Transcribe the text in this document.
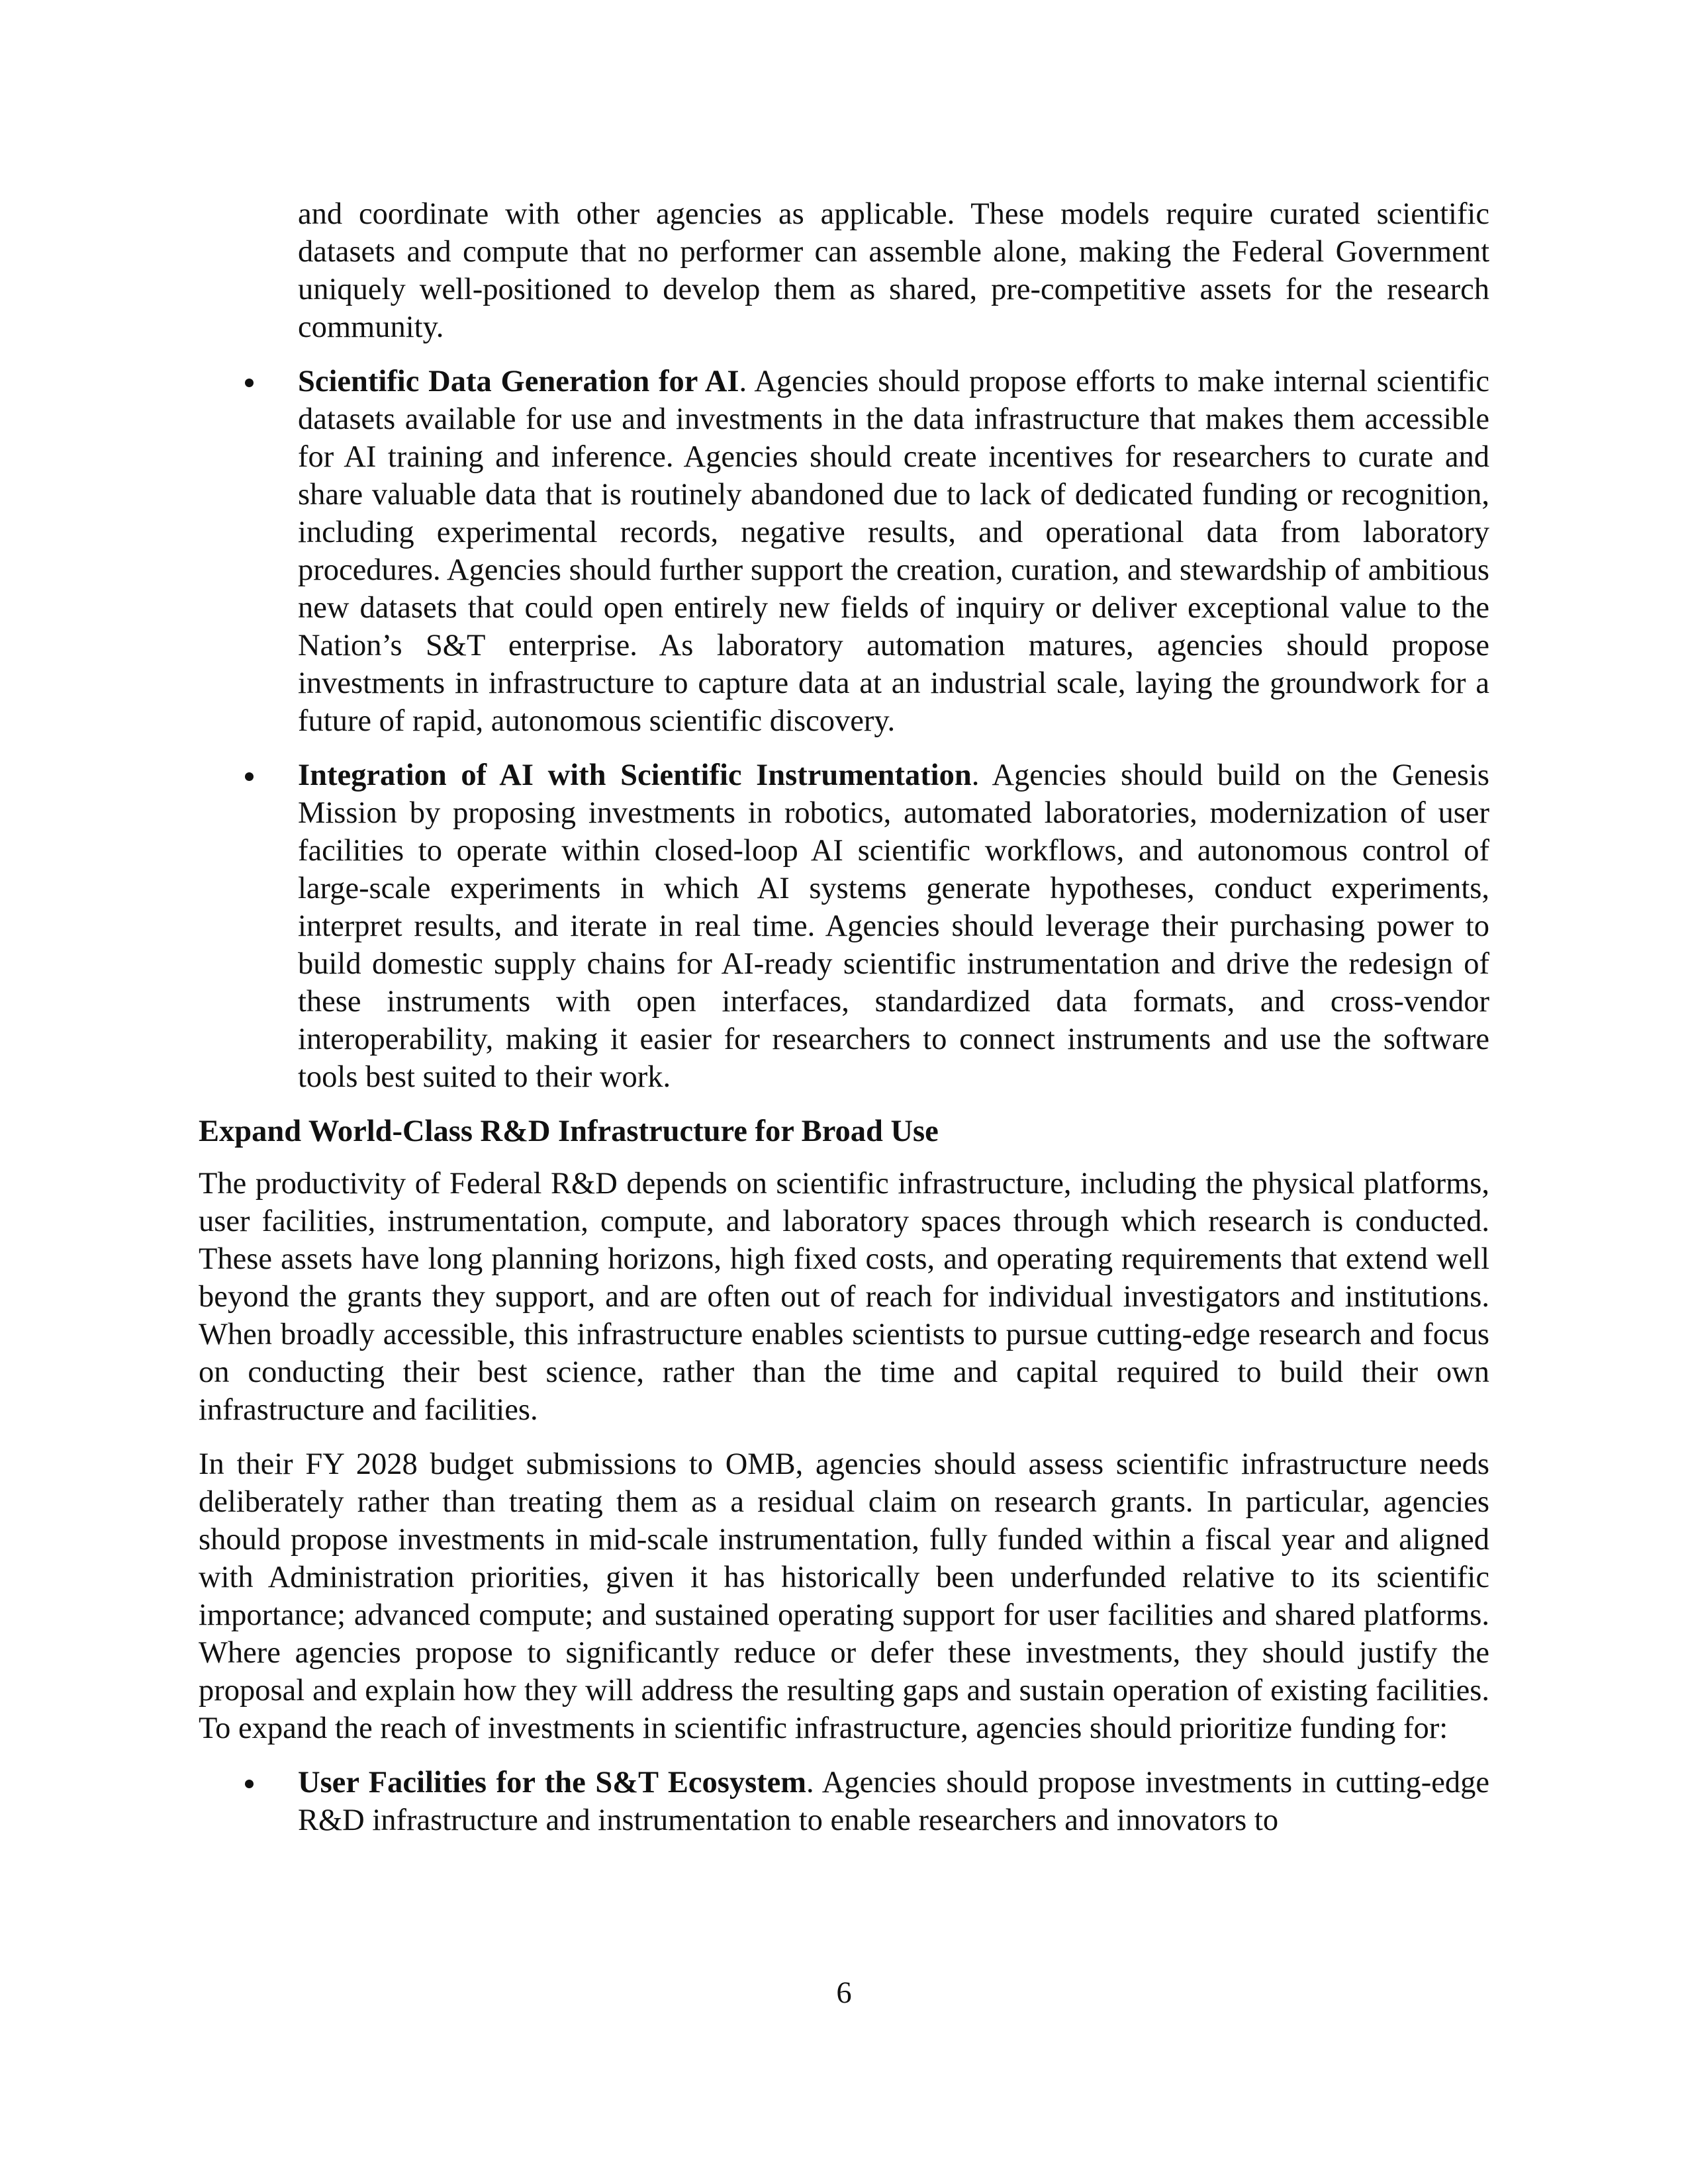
and coordinate with other agencies as applicable. These models require curated scientific datasets and compute that no performer can assemble alone, making the Federal Government uniquely well-positioned to develop them as shared, pre-competitive assets for the research community.

Scientific Data Generation for AI. Agencies should propose efforts to make internal scientific datasets available for use and investments in the data infrastructure that makes them accessible for AI training and inference. Agencies should create incentives for researchers to curate and share valuable data that is routinely abandoned due to lack of dedicated funding or recognition, including experimental records, negative results, and operational data from laboratory procedures. Agencies should further support the creation, curation, and stewardship of ambitious new datasets that could open entirely new fields of inquiry or deliver exceptional value to the Nation’s S&T enterprise. As laboratory automation matures, agencies should propose investments in infrastructure to capture data at an industrial scale, laying the groundwork for a future of rapid, autonomous scientific discovery.
Integration of AI with Scientific Instrumentation. Agencies should build on the Genesis Mission by proposing investments in robotics, automated laboratories, modernization of user facilities to operate within closed-loop AI scientific workflows, and autonomous control of large-scale experiments in which AI systems generate hypotheses, conduct experiments, interpret results, and iterate in real time. Agencies should leverage their purchasing power to build domestic supply chains for AI-ready scientific instrumentation and drive the redesign of these instruments with open interfaces, standardized data formats, and cross-vendor interoperability, making it easier for researchers to connect instruments and use the software tools best suited to their work.

Expand World-Class R&D Infrastructure for Broad Use

The productivity of Federal R&D depends on scientific infrastructure, including the physical platforms, user facilities, instrumentation, compute, and laboratory spaces through which research is conducted. These assets have long planning horizons, high fixed costs, and operating requirements that extend well beyond the grants they support, and are often out of reach for individual investigators and institutions. When broadly accessible, this infrastructure enables scientists to pursue cutting-edge research and focus on conducting their best science, rather than the time and capital required to build their own infrastructure and facilities.

In their FY 2028 budget submissions to OMB, agencies should assess scientific infrastructure needs deliberately rather than treating them as a residual claim on research grants. In particular, agencies should propose investments in mid-scale instrumentation, fully funded within a fiscal year and aligned with Administration priorities, given it has historically been underfunded relative to its scientific importance; advanced compute; and sustained operating support for user facilities and shared platforms. Where agencies propose to significantly reduce or defer these investments, they should justify the proposal and explain how they will address the resulting gaps and sustain operation of existing facilities. To expand the reach of investments in scientific infrastructure, agencies should prioritize funding for:

User Facilities for the S&T Ecosystem. Agencies should propose investments in cutting-edge R&D infrastructure and instrumentation to enable researchers and innovators to
6
